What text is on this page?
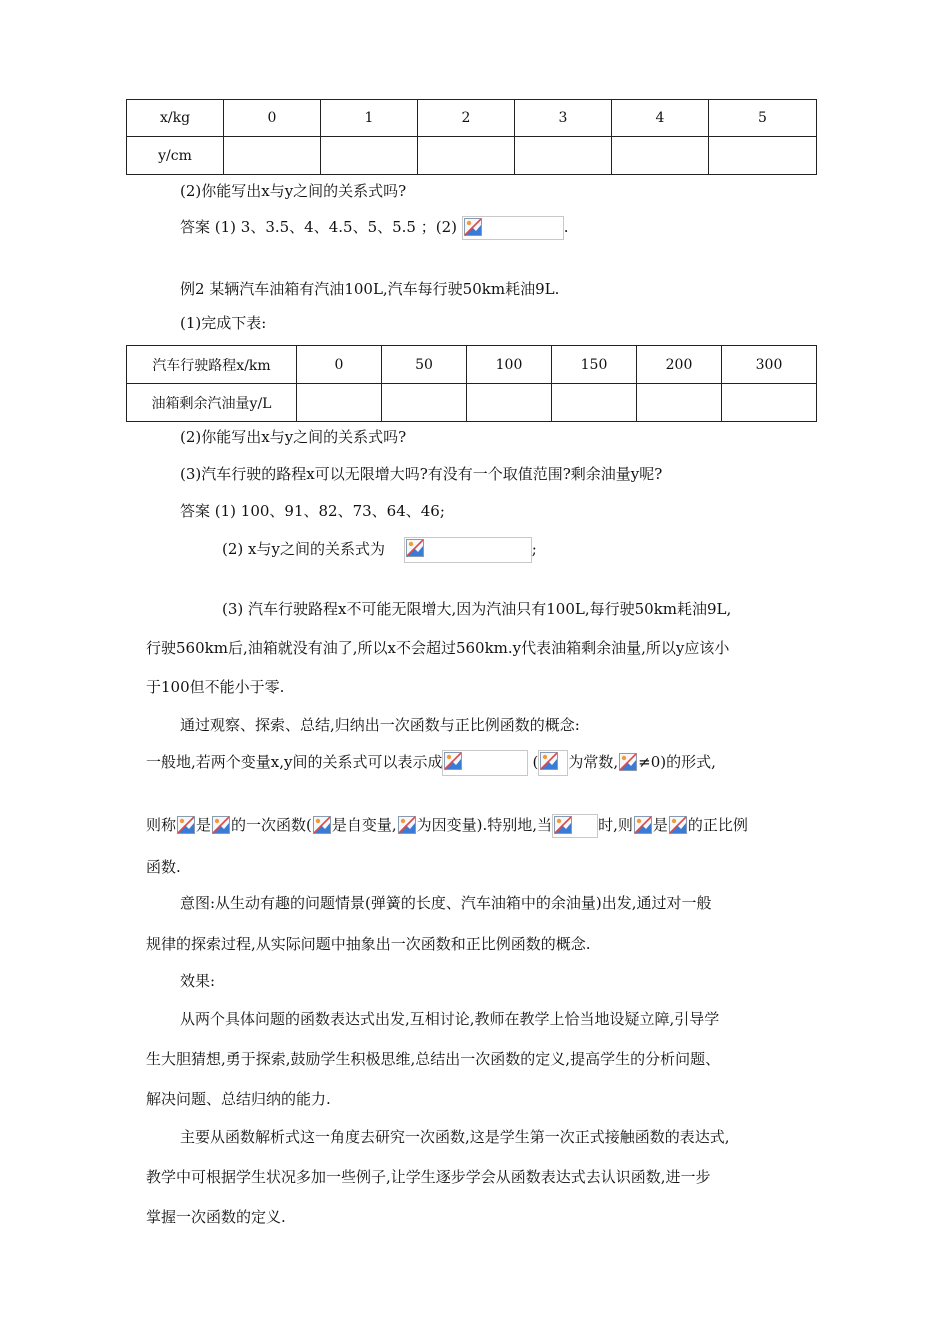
x/kg	0	1	2	3	4	5
y/cm						
(2)你能写出x与y之间的关系式吗?
答案 (1) 3、3.5、4、4.5、5、5.5 ；(2)	.
例2 某辆汽车油箱有汽油100L,汽车每行驶50km耗油9L.
(1)完成下表:
汽车行驶路程x/km	0	50	100	150	200	300
油箱剩余汽油量y/L						
(2)你能写出x与y之间的关系式吗?
(3)汽车行驶的路程x可以无限增大吗?有没有一个取值范围?剩余油量y呢?
答案 (1) 100、91、82、73、64、46;
(2) x与y之间的关系式为	;
(3) 汽车行驶路程x不可能无限增大,因为汽油只有100L,每行驶50km耗油9L,
行驶560km后,油箱就没有油了,所以x不会超过560km.y代表油箱剩余油量,所以y应该小
于100但不能小于零.
通过观察、探索、总结,归纳出一次函数与正比例函数的概念:
一般地,若两个变量x,y间的关系式可以表示成	( 为常数, ≠0)的形式,
则称 是 的一次函数( 是自变量, 为因变量).特别地,当	时,则 是 的正比例
函数.
意图:从生动有趣的问题情景(弹簧的长度、汽车油箱中的余油量)出发,通过对一般
规律的探索过程,从实际问题中抽象出一次函数和正比例函数的概念.
效果:
从两个具体问题的函数表达式出发,互相讨论,教师在教学上恰当地设疑立障,引导学
生大胆猜想,勇于探索,鼓励学生积极思维,总结出一次函数的定义,提高学生的分析问题、
解决问题、总结归纳的能力.
主要从函数解析式这一角度去研究一次函数,这是学生第一次正式接触函数的表达式,
教学中可根据学生状况多加一些例子,让学生逐步学会从函数表达式去认识函数,进一步
掌握一次函数的定义.
